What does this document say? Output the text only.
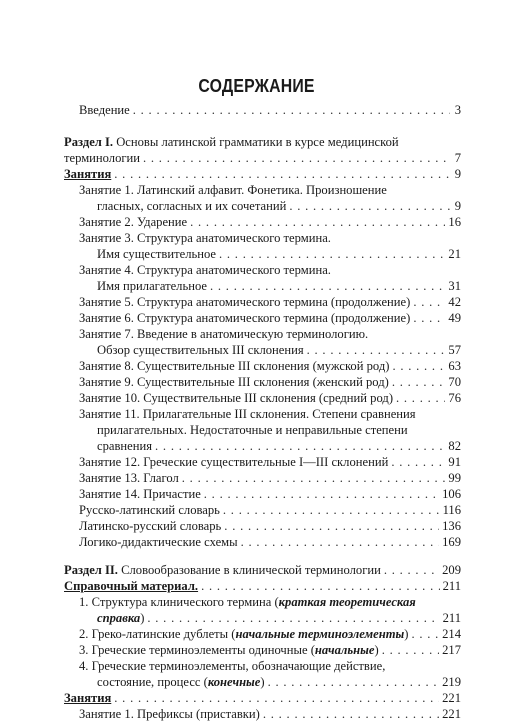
СОДЕРЖАНИЕ
Введение . . .	3
Раздел I. Основы латинской грамматики в курсе медицинской
терминологии . . .	7
Занятия . . .	9
Занятие 1. Латинский алфавит. Фонетика. Произношение
гласных, согласных и их сочетаний . . .	9
Занятие 2. Ударение . . .	16
Занятие 3. Структура анатомического термина.
Имя существительное . . .	21
Занятие 4. Структура анатомического термина.
Имя прилагательное . . .	31
Занятие 5. Структура анатомического термина (продолжение) . . .	42
Занятие 6. Структура анатомического термина (продолжение) . . .	49
Занятие 7. Введение в анатомическую терминологию.
Обзор существительных III склонения . . .	57
Занятие 8. Существительные III склонения (мужской род) . . .	63
Занятие 9. Существительные III склонения (женский род) . . .	70
Занятие 10. Существительные III склонения (средний род) . . .	76
Занятие 11. Прилагательные III склонения. Степени сравнения
прилагательных. Недостаточные и неправильные степени
сравнения . . .	82
Занятие 12. Греческие существительные I—III склонений . . .	91
Занятие 13. Глагол . . .	99
Занятие 14. Причастие . . .	106
Русско-латинский словарь . . .	116
Латинско-русский словарь . . .	136
Логико-дидактические схемы . . .	169
Раздел II. Словообразование в клинической терминологии . . .	209
Справочный материал. . . .	211
1. Структура клинического термина (краткая теоретическая
справка) . . .	211
2. Греко-латинские дублеты (начальные терминоэлементы) . . .	214
3. Греческие терминоэлементы одиночные (начальные) . . .	217
4. Греческие терминоэлементы, обозначающие действие,
состояние, процесс (конечные) . . .	219
Занятия . . .	221
Занятие 1. Префиксы (приставки) . . .	221
